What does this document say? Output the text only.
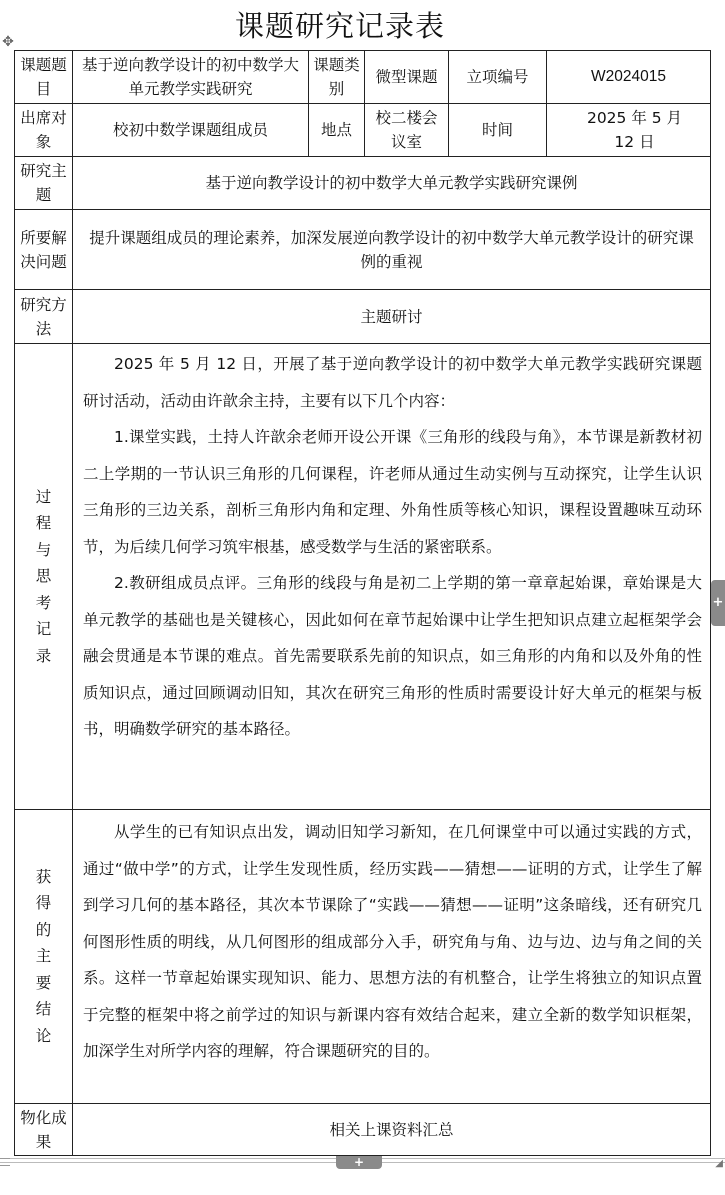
课题研究记录表
✥
课题题目	基于逆向教学设计的初中数学大单元教学实践研究	课题类别	微型课题	立项编号	W2024015
出席对象	校初中数学课题组成员	地点	校二楼会议室	时间	2025 年 5 月 12 日
研究主题	基于逆向教学设计的初中数学大单元教学实践研究课例				
所要解决问题	提升课题组成员的理论素养，加深发展逆向教学设计的初中数学大单元教学设计的研究课例的重视				
研究方法	主题研讨				
过程与思考记录	2025 年 5 月 12 日，开展了基于逆向教学设计的初中数学大单元教学实践研究课题研讨活动，活动由许歆余主持，主要有以下几个内容：

1.课堂实践，土持人许歆余老师开设公开课《三角形的线段与角》，本节课是新教材初二上学期的一节认识三角形的几何课程，许老师从通过生动实例与互动探究，让学生认识三角形的三边关系，剖析三角形内角和定理、外角性质等核心知识，课程设置趣味互动环节，为后续几何学习筑牢根基，感受数学与生活的紧密联系。

2.教研组成员点评。三角形的线段与角是初二上学期的第一章章起始课，章始课是大单元教学的基础也是关键核心，因此如何在章节起始课中让学生把知识点建立起框架学会融会贯通是本节课的难点。首先需要联系先前的知识点，如三角形的内角和以及外角的性质知识点，通过回顾调动旧知，其次在研究三角形的性质时需要设计好大单元的框架与板书，明确数学研究的基本路径。				

获得的主要结论	从学生的已有知识点出发，调动旧知学习新知，在几何课堂中可以通过实践的方式，通过“做中学”的方式，让学生发现性质，经历实践——猜想——证明的方式，让学生了解到学习几何的基本路径，其次本节课除了“实践——猜想——证明”这条暗线，还有研究几何图形性质的明线，从几何图形的组成部分入手，研究角与角、边与边、边与角之间的关系。这样一节章起始课实现知识、能力、思想方法的有机整合，让学生将独立的知识点置于完整的框架中将之前学过的知识与新课内容有效结合起来，建立全新的数学知识框架，加深学生对所学内容的理解，符合课题研究的目的。				

物化成果	相关上课资料汇总				
+
+	◢
